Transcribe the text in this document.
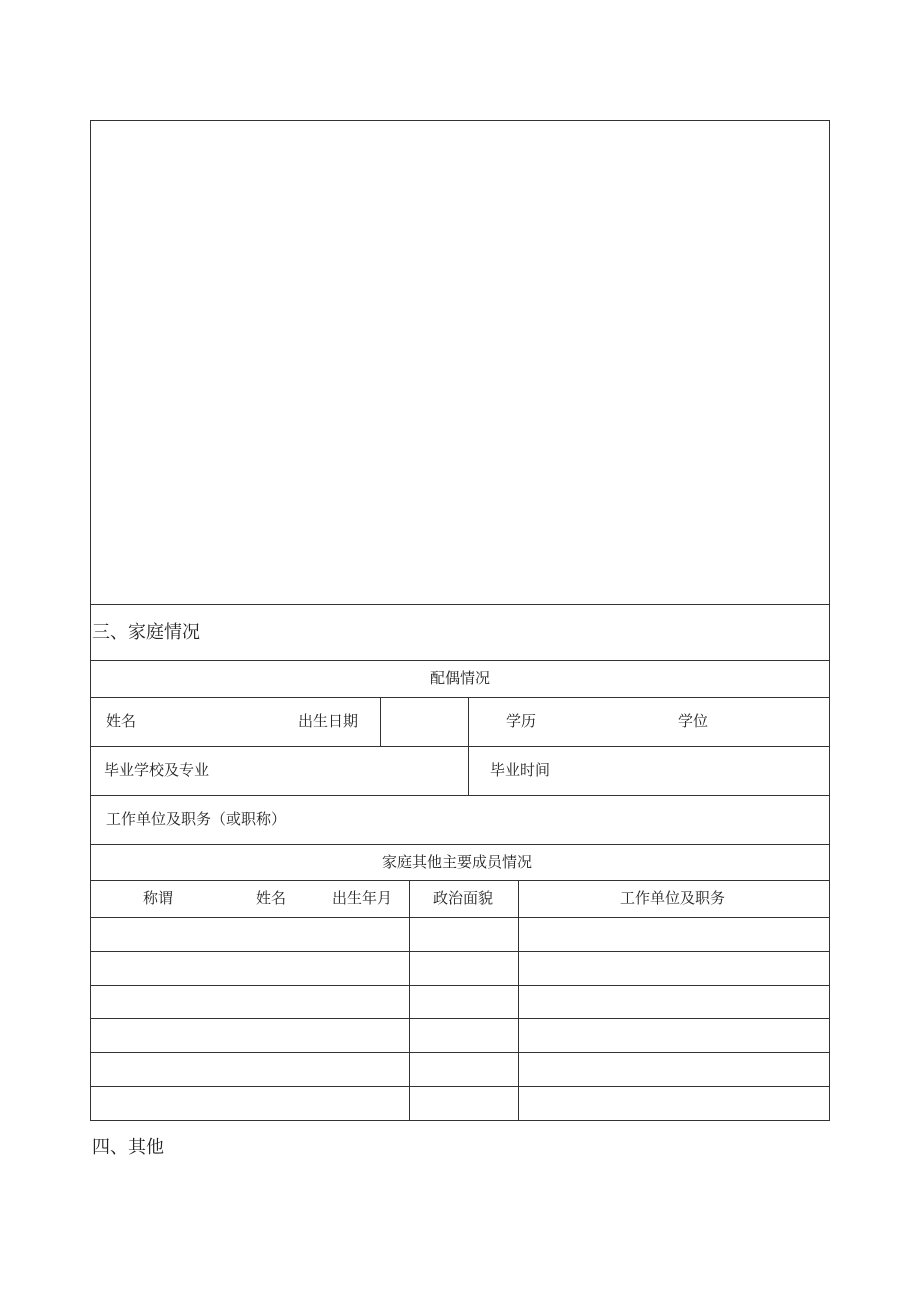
三、家庭情况
配偶情况
姓名	出生日期	学历	学位
毕业学校及专业	毕业时间
工作单位及职务（或职称）
家庭其他主要成员情况
称谓	姓名	出生年月	政治面貌	工作单位及职务
四、其他
